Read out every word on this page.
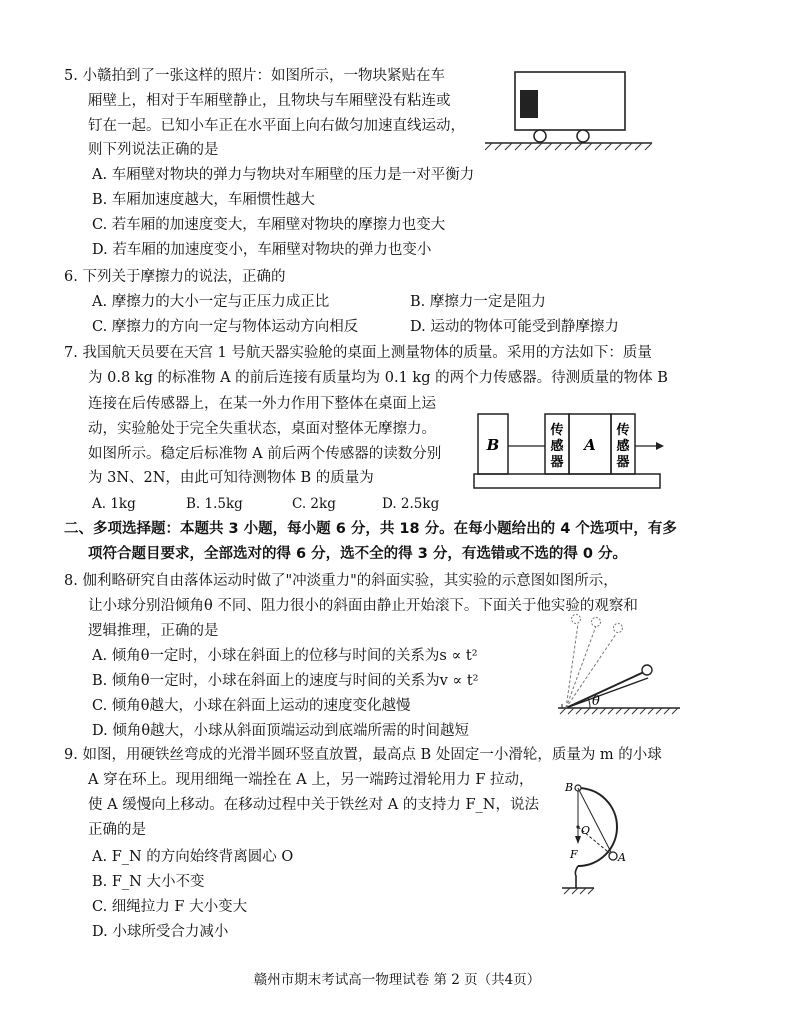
5. 小赣拍到了一张这样的照片：如图所示，一物块紧贴在车
厢壁上，相对于车厢壁静止，且物块与车厢壁没有粘连或
钉在一起。已知小车正在水平面上向右做匀加速直线运动，
则下列说法正确的是
A. 车厢壁对物块的弹力与物块对车厢壁的压力是一对平衡力
B. 车厢加速度越大，车厢惯性越大
C. 若车厢的加速度变大，车厢壁对物块的摩擦力也变大
D. 若车厢的加速度变小，车厢壁对物块的弹力也变小
6. 下列关于摩擦力的说法，正确的
A. 摩擦力的大小一定与正压力成正比	B. 摩擦力一定是阻力
C. 摩擦力的方向一定与物体运动方向相反	D. 运动的物体可能受到静摩擦力
7. 我国航天员要在天宫 1 号航天器实验舱的桌面上测量物体的质量。采用的方法如下：质量
为 0.8 kg 的标准物 A 的前后连接有质量均为 0.1 kg 的两个力传感器。待测质量的物体 B
连接在后传感器上，在某一外力作用下整体在桌面上运
动，实验舱处于完全失重状态，桌面对整体无摩擦力。
如图所示。稳定后标准物 A 前后两个传感器的读数分别
为 3N、2N，由此可知待测物体 B 的质量为
A. 1kg	B. 1.5kg	C. 2kg	D. 2.5kg
B
传
感
器
A
传
感
器
二、多项选择题：本题共 3 小题，每小题 6 分，共 18 分。在每小题给出的 4 个选项中，有多
项符合题目要求，全部选对的得 6 分，选不全的得 3 分，有选错或不选的得 0 分。
8. 伽利略研究自由落体运动时做了"冲淡重力"的斜面实验，其实验的示意图如图所示，
让小球分别沿倾角θ 不同、阻力很小的斜面由静止开始滚下。下面关于他实验的观察和
逻辑推理，正确的是
A. 倾角θ一定时，小球在斜面上的位移与时间的关系为s ∝ t²
B. 倾角θ一定时，小球在斜面上的速度与时间的关系为v ∝ t²
C. 倾角θ越大，小球在斜面上运动的速度变化越慢
D. 倾角θ越大，小球从斜面顶端运动到底端所需的时间越短
θ
9. 如图，用硬铁丝弯成的光滑半圆环竖直放置，最高点 B 处固定一小滑轮，质量为 m 的小球
A 穿在环上。现用细绳一端拴在 A 上，另一端跨过滑轮用力 F 拉动，
使 A 缓慢向上移动。在移动过程中关于铁丝对 A 的支持力 F_N，说法
正确的是
A. F_N 的方向始终背离圆心 O
B. F_N 大小不变
C. 细绳拉力 F 大小变大
D. 小球所受合力减小
B
O
A
F
赣州市期末考试高一物理试卷 第 2 页（共4页）
